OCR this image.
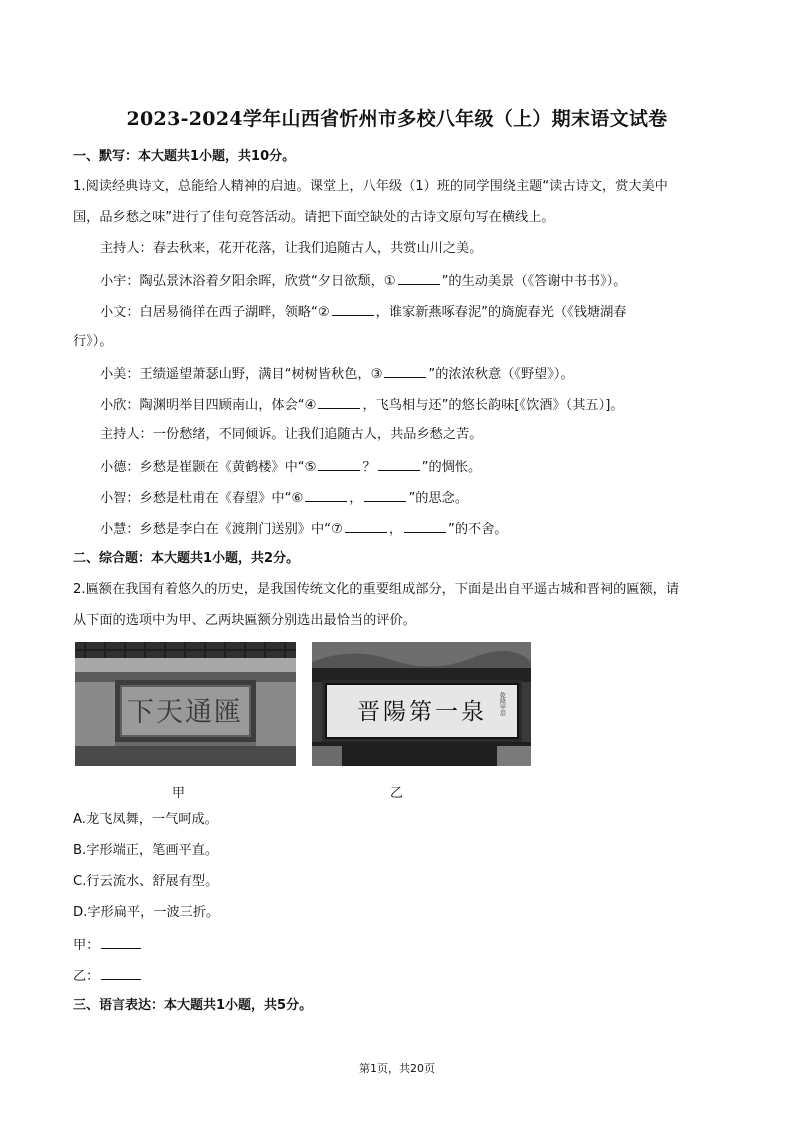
2023-2024学年山西省忻州市多校八年级（上）期末语文试卷
一、默写：本大题共1小题，共10分。
1.阅读经典诗文，总能给人精神的启迪。课堂上，八年级（1）班的同学围绕主题“读古诗文，赏大美中
国，品乡愁之味”进行了佳句竞答活动。请把下面空缺处的古诗文原句写在横线上。
主持人：春去秋来，花开花落，让我们追随古人，共赏山川之美。
小宇：陶弘景沐浴着夕阳余晖，欣赏“夕日欲颓，①	”的生动美景（《答谢中书书》）。
小文：白居易徜徉在西子湖畔，领略“②	，谁家新燕啄春泥”的旖旎春光（《钱塘湖春
行》）。
小美：王绩遥望萧瑟山野，满目“树树皆秋色，③	”的浓浓秋意（《野望》）。
小欣：陶渊明举目四顾南山，体会“④	，飞鸟相与还”的悠长韵味[《饮酒》（其五）]。
主持人：一份愁绪，不同倾诉。让我们追随古人，共品乡愁之苦。
小德：乡愁是崔颢在《黄鹤楼》中“⑤	？	”的惆怅。
小智：乡愁是杜甫在《春望》中“⑥	，	”的思念。
小慧：乡愁是李白在《渡荆门送别》中“⑦	，	”的不舍。
二、综合题：本大题共1小题，共2分。
2.匾额在我国有着悠久的历史，是我国传统文化的重要组成部分，下面是出自平遥古城和晋祠的匾额，请
从下面的选项中为甲、乙两块匾额分别选出最恰当的评价。
下天通匯	晋陽第一泉 乾隆甲辰
甲	乙
A.龙飞凤舞，一气呵成。
B.字形端正，笔画平直。
C.行云流水、舒展有型。
D.字形扁平，一波三折。
甲：
乙：
三、语言表达：本大题共1小题，共5分。
第1页，共20页
